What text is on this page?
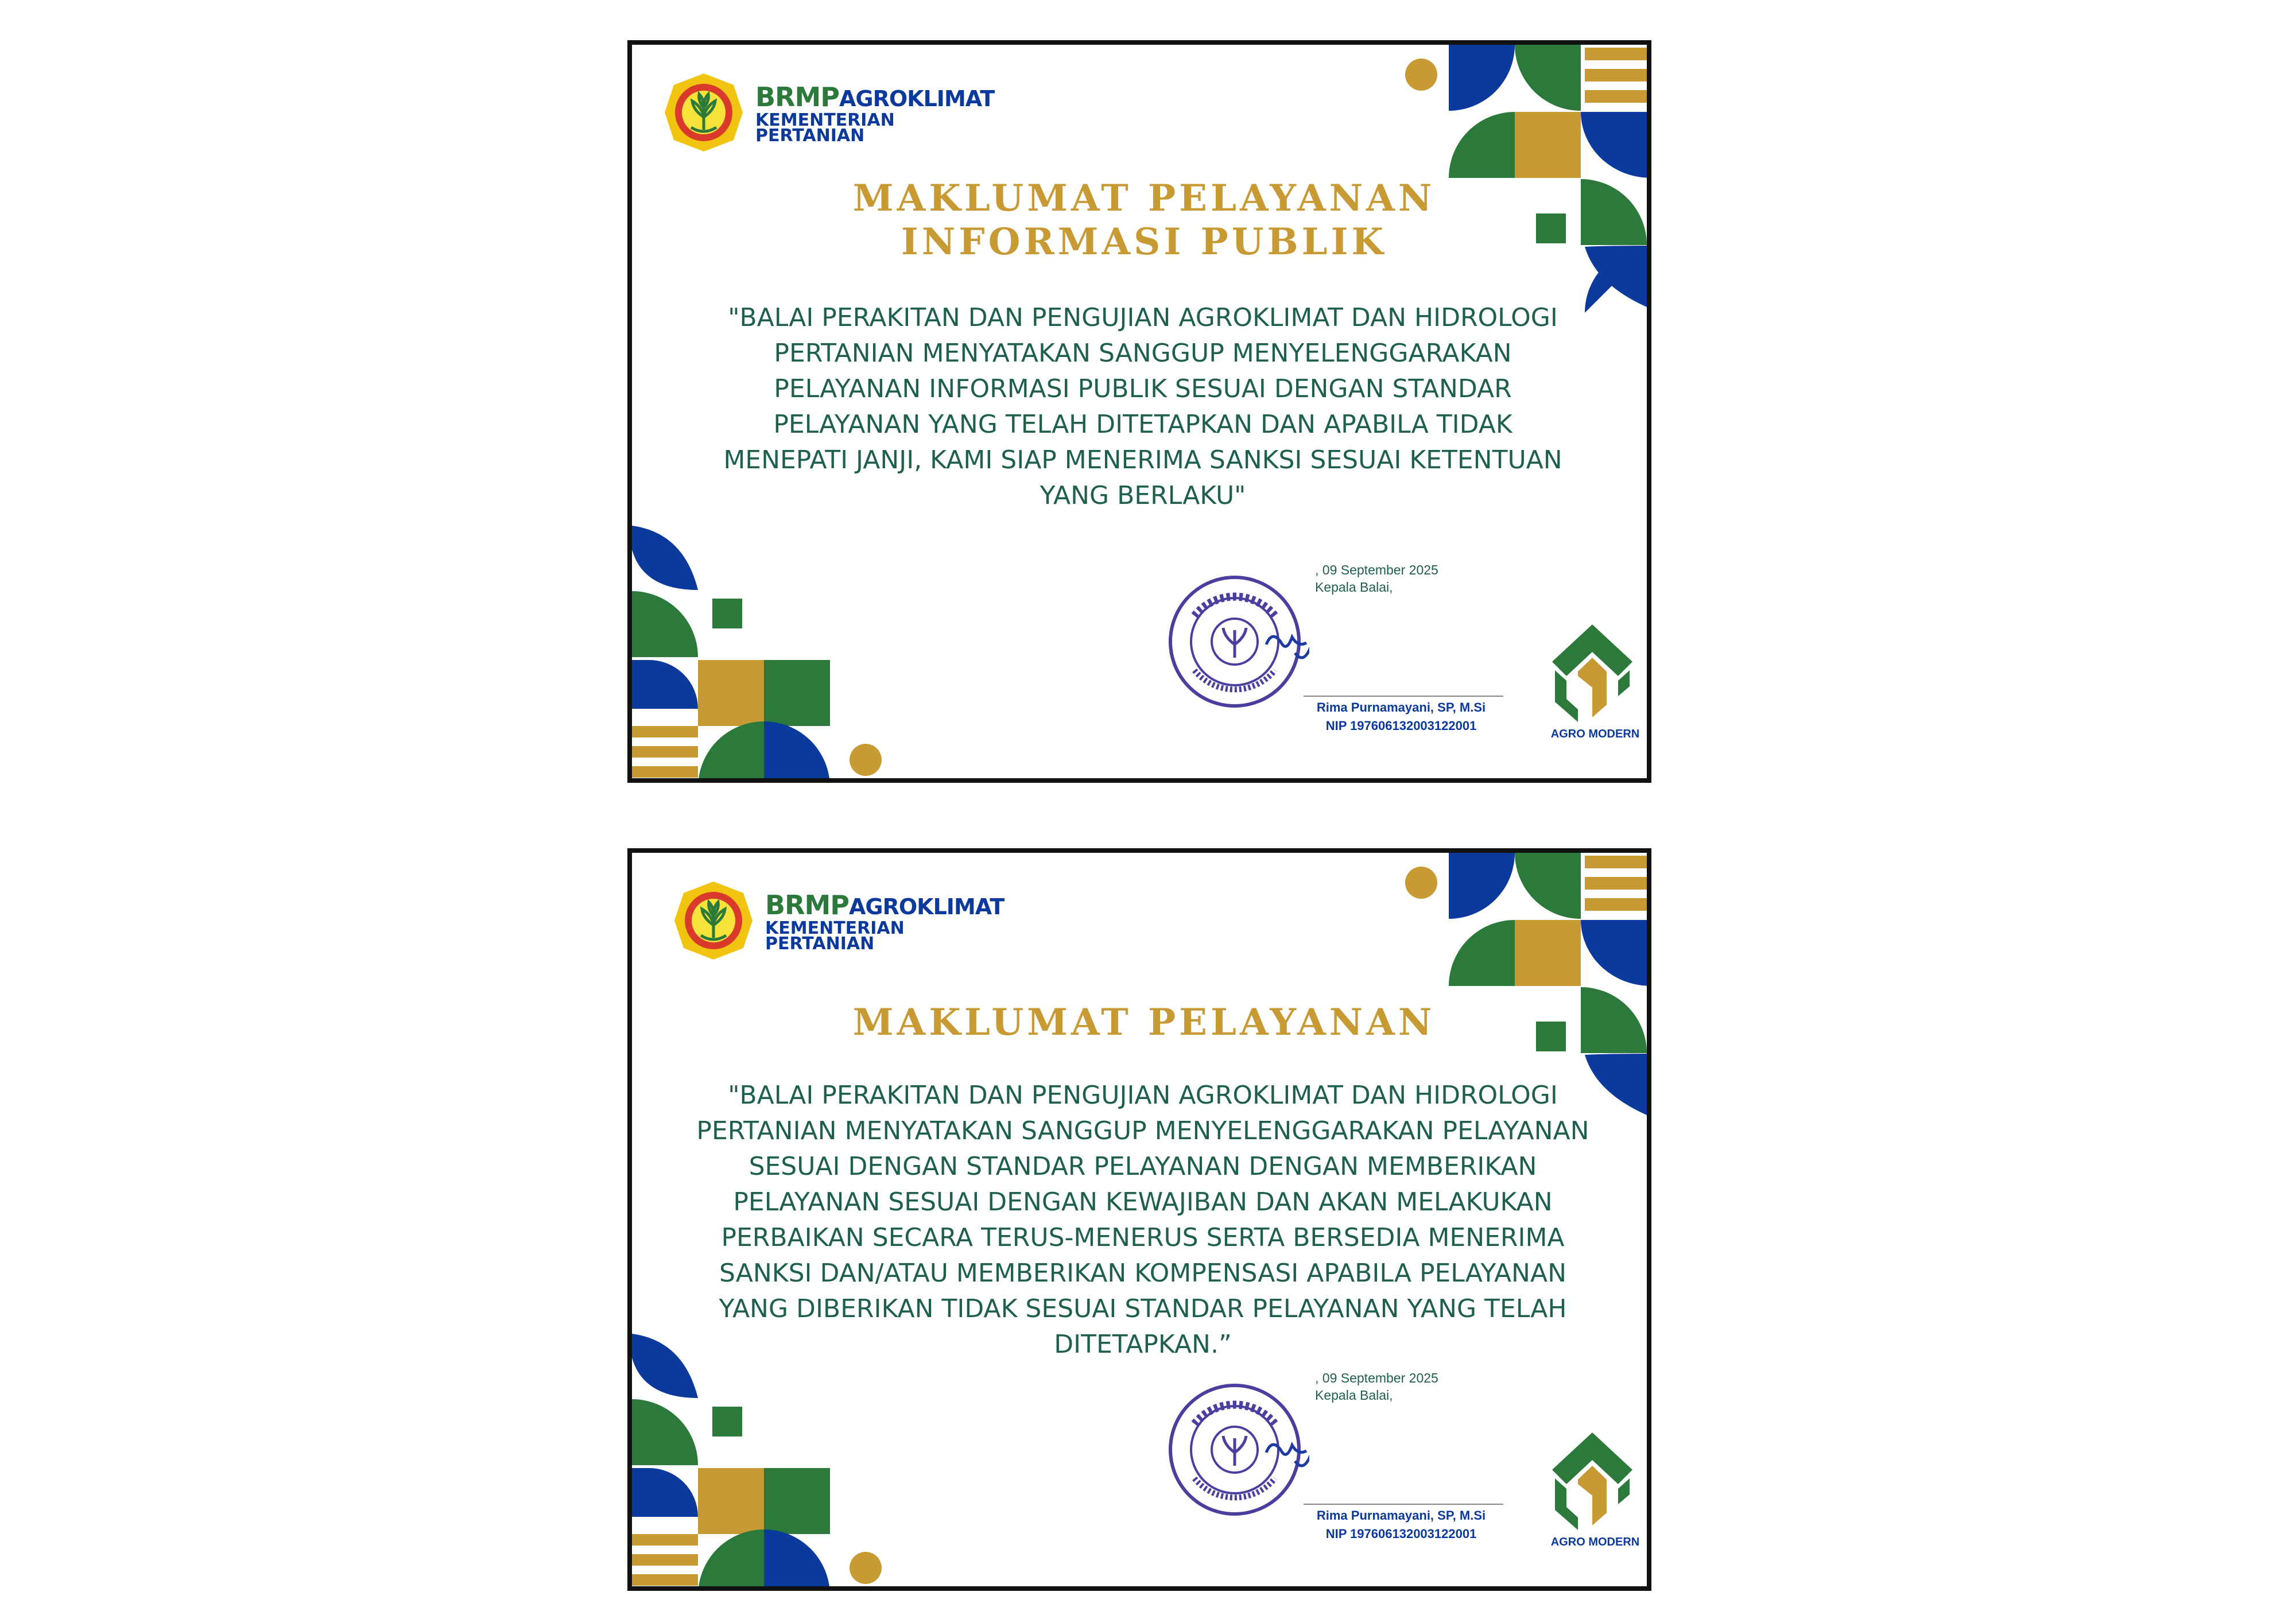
BRMPAGROKLIMAT
KEMENTERIAN
PERTANIAN
MAKLUMAT PELAYANAN
INFORMASI PUBLIK
"BALAI PERAKITAN DAN PENGUJIAN AGROKLIMAT DAN HIDROLOGI
PERTANIAN MENYATAKAN SANGGUP MENYELENGGARAKAN
PELAYANAN INFORMASI PUBLIK SESUAI DENGAN STANDAR
PELAYANAN YANG TELAH DITETAPKAN DAN APABILA TIDAK
MENEPATI JANJI, KAMI SIAP MENERIMA SANKSI SESUAI KETENTUAN
YANG BERLAKU"
, 09 September 2025
Kepala Balai,
Rima Purnamayani, SP, M.Si
NIP 197606132003122001
AGRO MODERN
BRMPAGROKLIMAT
KEMENTERIAN
PERTANIAN
MAKLUMAT PELAYANAN
"BALAI PERAKITAN DAN PENGUJIAN AGROKLIMAT DAN HIDROLOGI
PERTANIAN MENYATAKAN SANGGUP MENYELENGGARAKAN PELAYANAN
SESUAI DENGAN STANDAR PELAYANAN DENGAN MEMBERIKAN
PELAYANAN SESUAI DENGAN KEWAJIBAN DAN AKAN MELAKUKAN
PERBAIKAN SECARA TERUS-MENERUS SERTA BERSEDIA MENERIMA
SANKSI DAN/ATAU MEMBERIKAN KOMPENSASI APABILA PELAYANAN
YANG DIBERIKAN TIDAK SESUAI STANDAR PELAYANAN YANG TELAH
DITETAPKAN.”
, 09 September 2025
Kepala Balai,
Rima Purnamayani, SP, M.Si
NIP 197606132003122001
AGRO MODERN
